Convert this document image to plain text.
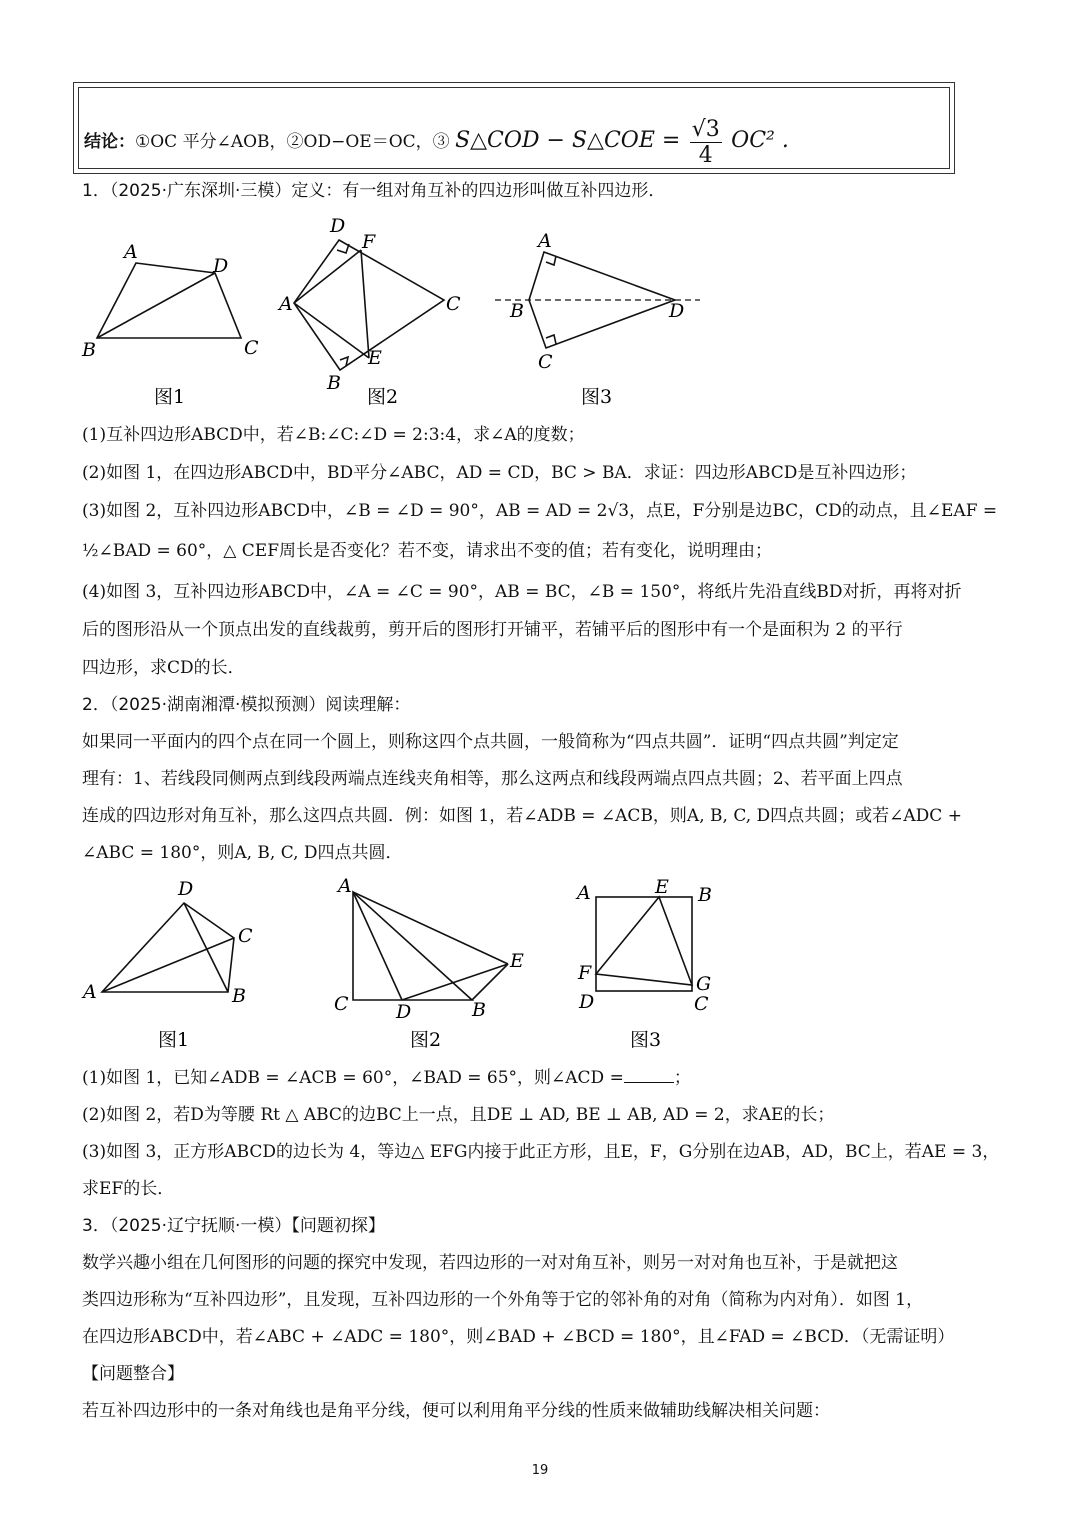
结论：①OC 平分∠AOB，②OD−OE＝OC，③ S△COD − S△COE = $\frac{√3}{4} OC^2$ .
1．（2025·广东深圳·三模）定义：有一组对角互补的四边形叫做互补四边形．
A
D
B	C
D
F
A	C
E
B
A
B	D
C
图1	图2	图3
(1)互补四边形ABCD中，若∠B:∠C:∠D = 2:3:4，求∠A的度数；
(2)如图 1，在四边形ABCD中，BD平分∠ABC，AD = CD，BC > BA．求证：四边形ABCD是互补四边形；
(3)如图 2，互补四边形ABCD中，∠B = ∠D = 90°，AB = AD = 2√3，点E，F分别是边BC，CD的动点，且∠EAF =
½∠BAD = 60°，△ CEF周长是否变化？若不变，请求出不变的值；若有变化，说明理由；
(4)如图 3，互补四边形ABCD中，∠A = ∠C = 90°，AB = BC，∠B = 150°，将纸片先沿直线BD对折，再将对折
后的图形沿从一个顶点出发的直线裁剪，剪开后的图形打开铺平，若铺平后的图形中有一个是面积为 2 的平行
四边形，求CD的长．
2．（2025·湖南湘潭·模拟预测）阅读理解：
如果同一平面内的四个点在同一个圆上，则称这四个点共圆，一般简称为“四点共圆”．证明“四点共圆”判定定
理有：1、若线段同侧两点到线段两端点连线夹角相等，那么这两点和线段两端点四点共圆；2、若平面上四点
连成的四边形对角互补，那么这四点共圆．例：如图 1，若∠ADB = ∠ACB，则A, B, C, D四点共圆；或若∠ADC +
∠ABC = 180°，则A, B, C, D四点共圆．
D
C
A	B
A
E
C D	B
A	E B
F	G
D	C
图1	图2	图3
(1)如图 1，已知∠ADB = ∠ACB = 60°，∠BAD = 65°，则∠ACD =	；
(2)如图 2，若D为等腰 Rt △ ABC的边BC上一点，且DE ⊥ AD, BE ⊥ AB, AD = 2，求AE的长；
(3)如图 3，正方形ABCD的边长为 4，等边△ EFG内接于此正方形，且E，F，G分别在边AB，AD，BC上，若AE = 3，
求EF的长．
3．（2025·辽宁抚顺·一模）【问题初探】
数学兴趣小组在几何图形的问题的探究中发现，若四边形的一对对角互补，则另一对对角也互补，于是就把这
类四边形称为“互补四边形”，且发现，互补四边形的一个外角等于它的邻补角的对角（简称为内对角）．如图 1，
在四边形ABCD中，若∠ABC + ∠ADC = 180°，则∠BAD + ∠BCD = 180°，且∠FAD = ∠BCD．（无需证明）
【问题整合】
若互补四边形中的一条对角线也是角平分线，便可以利用角平分线的性质来做辅助线解决相关问题：
19
